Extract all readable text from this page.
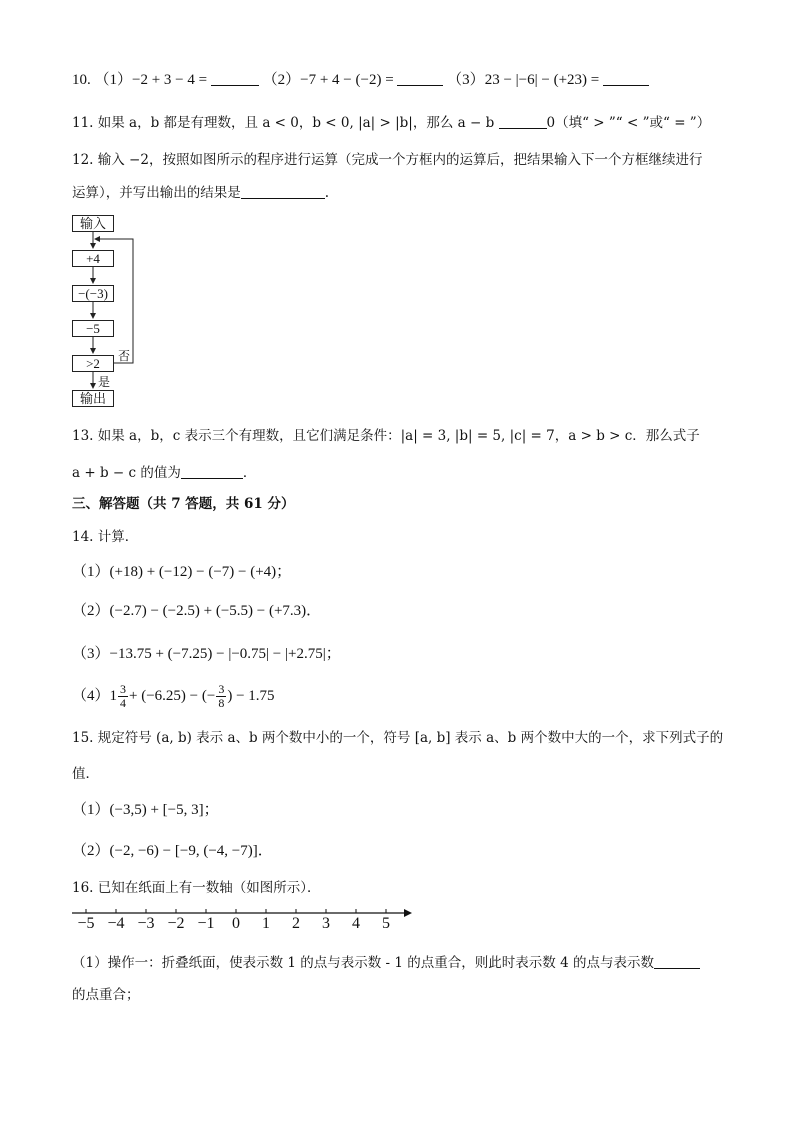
10. （1）−2 + 3 − 4 =	（2）−7 + 4 − (−2) =	（3）23 − |−6| − (+23) =
11. 如果 a，b 都是有理数，且 a < 0，b < 0, |a| > |b|，那么 a − b	0（填“ > ”“ < ”或“ = ”）
12. 输入 −2，按照如图所示的程序进行运算（完成一个方框内的运算后，把结果输入下一个方框继续进行
运算），并写出输出的结果是	.
输入
+4
−(−3)
−5
>2
输出
否
是
13. 如果 a，b，c 表示三个有理数，且它们满足条件：|a| = 3, |b| = 5, |c| = 7，a > b > c．那么式子
a + b − c 的值为	．
三、解答题（共 7 答题，共 61 分）
14. 计算．
（1）(+18) + (−12) − (−7) − (+4)；
（2）(−2.7) − (−2.5) + (−5.5) − (+7.3)．
（3）−13.75 + (−7.25) − |−0.75| − |+2.75|；
$(4)1 \frac{3}{4} + (-6.25)$ − (− $\frac{3}{8}$ ) − 1.75
15. 规定符号 (a, b) 表示 a、b 两个数中小的一个，符号 [a, b] 表示 a、b 两个数中大的一个，求下列式子的
值．
（1）(−3,5) + [−5, 3]；
（2）(−2, −6) − [−9, (−4, −7)]．
16. 已知在纸面上有一数轴（如图所示）．
−5 −4 −3 −2 −1	0	1	2	3	4	5
（1）操作一：折叠纸面，使表示数 1 的点与表示数 - 1 的点重合，则此时表示数 4 的点与表示数
的点重合；
